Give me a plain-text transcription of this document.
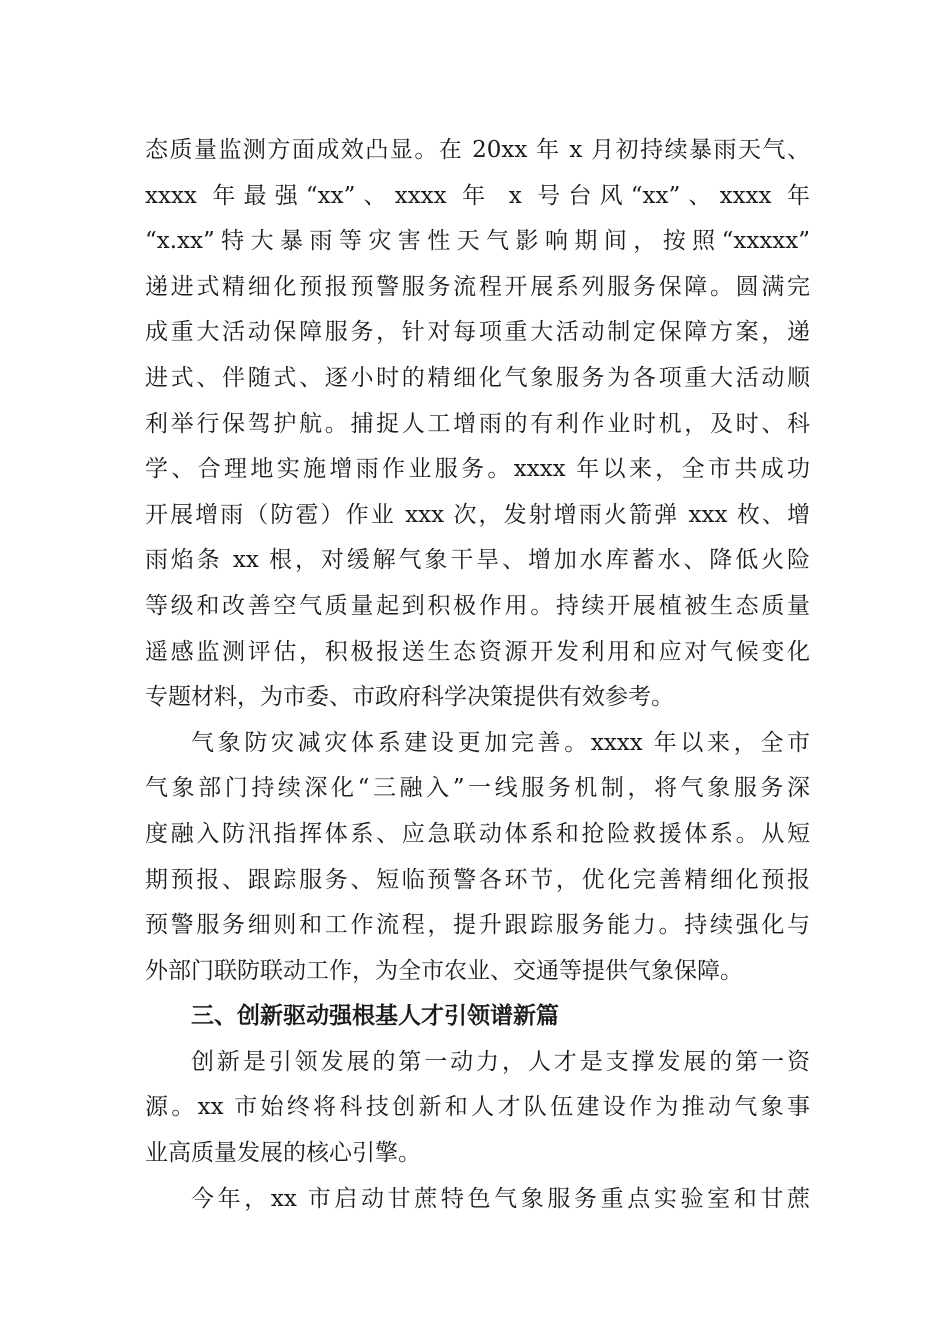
态质量监测方面成效凸显。在 20xx 年 x 月初持续暴雨天气、
xxxx 年最强“xx”、xxxx 年 x 号台风“xx”、xxxx 年
“x.xx”特大暴雨等灾害性天气影响期间，按照“xxxxx”
递进式精细化预报预警服务流程开展系列服务保障。圆满完
成重大活动保障服务，针对每项重大活动制定保障方案，递
进式、伴随式、逐小时的精细化气象服务为各项重大活动顺
利举行保驾护航。捕捉人工增雨的有利作业时机，及时、科
学、合理地实施增雨作业服务。xxxx 年以来，全市共成功
开展增雨（防雹）作业 xxx 次，发射增雨火箭弹 xxx 枚、增
雨焰条 xx 根，对缓解气象干旱、增加水库蓄水、降低火险
等级和改善空气质量起到积极作用。持续开展植被生态质量
遥感监测评估，积极报送生态资源开发利用和应对气候变化
专题材料，为市委、市政府科学决策提供有效参考。
气象防灾减灾体系建设更加完善。xxxx 年以来，全市
气象部门持续深化“三融入”一线服务机制，将气象服务深
度融入防汛指挥体系、应急联动体系和抢险救援体系。从短
期预报、跟踪服务、短临预警各环节，优化完善精细化预报
预警服务细则和工作流程，提升跟踪服务能力。持续强化与
外部门联防联动工作，为全市农业、交通等提供气象保障。
三、创新驱动强根基人才引领谱新篇
创新是引领发展的第一动力，人才是支撑发展的第一资
源。xx 市始终将科技创新和人才队伍建设作为推动气象事
业高质量发展的核心引擎。
今年，xx 市启动甘蔗特色气象服务重点实验室和甘蔗
